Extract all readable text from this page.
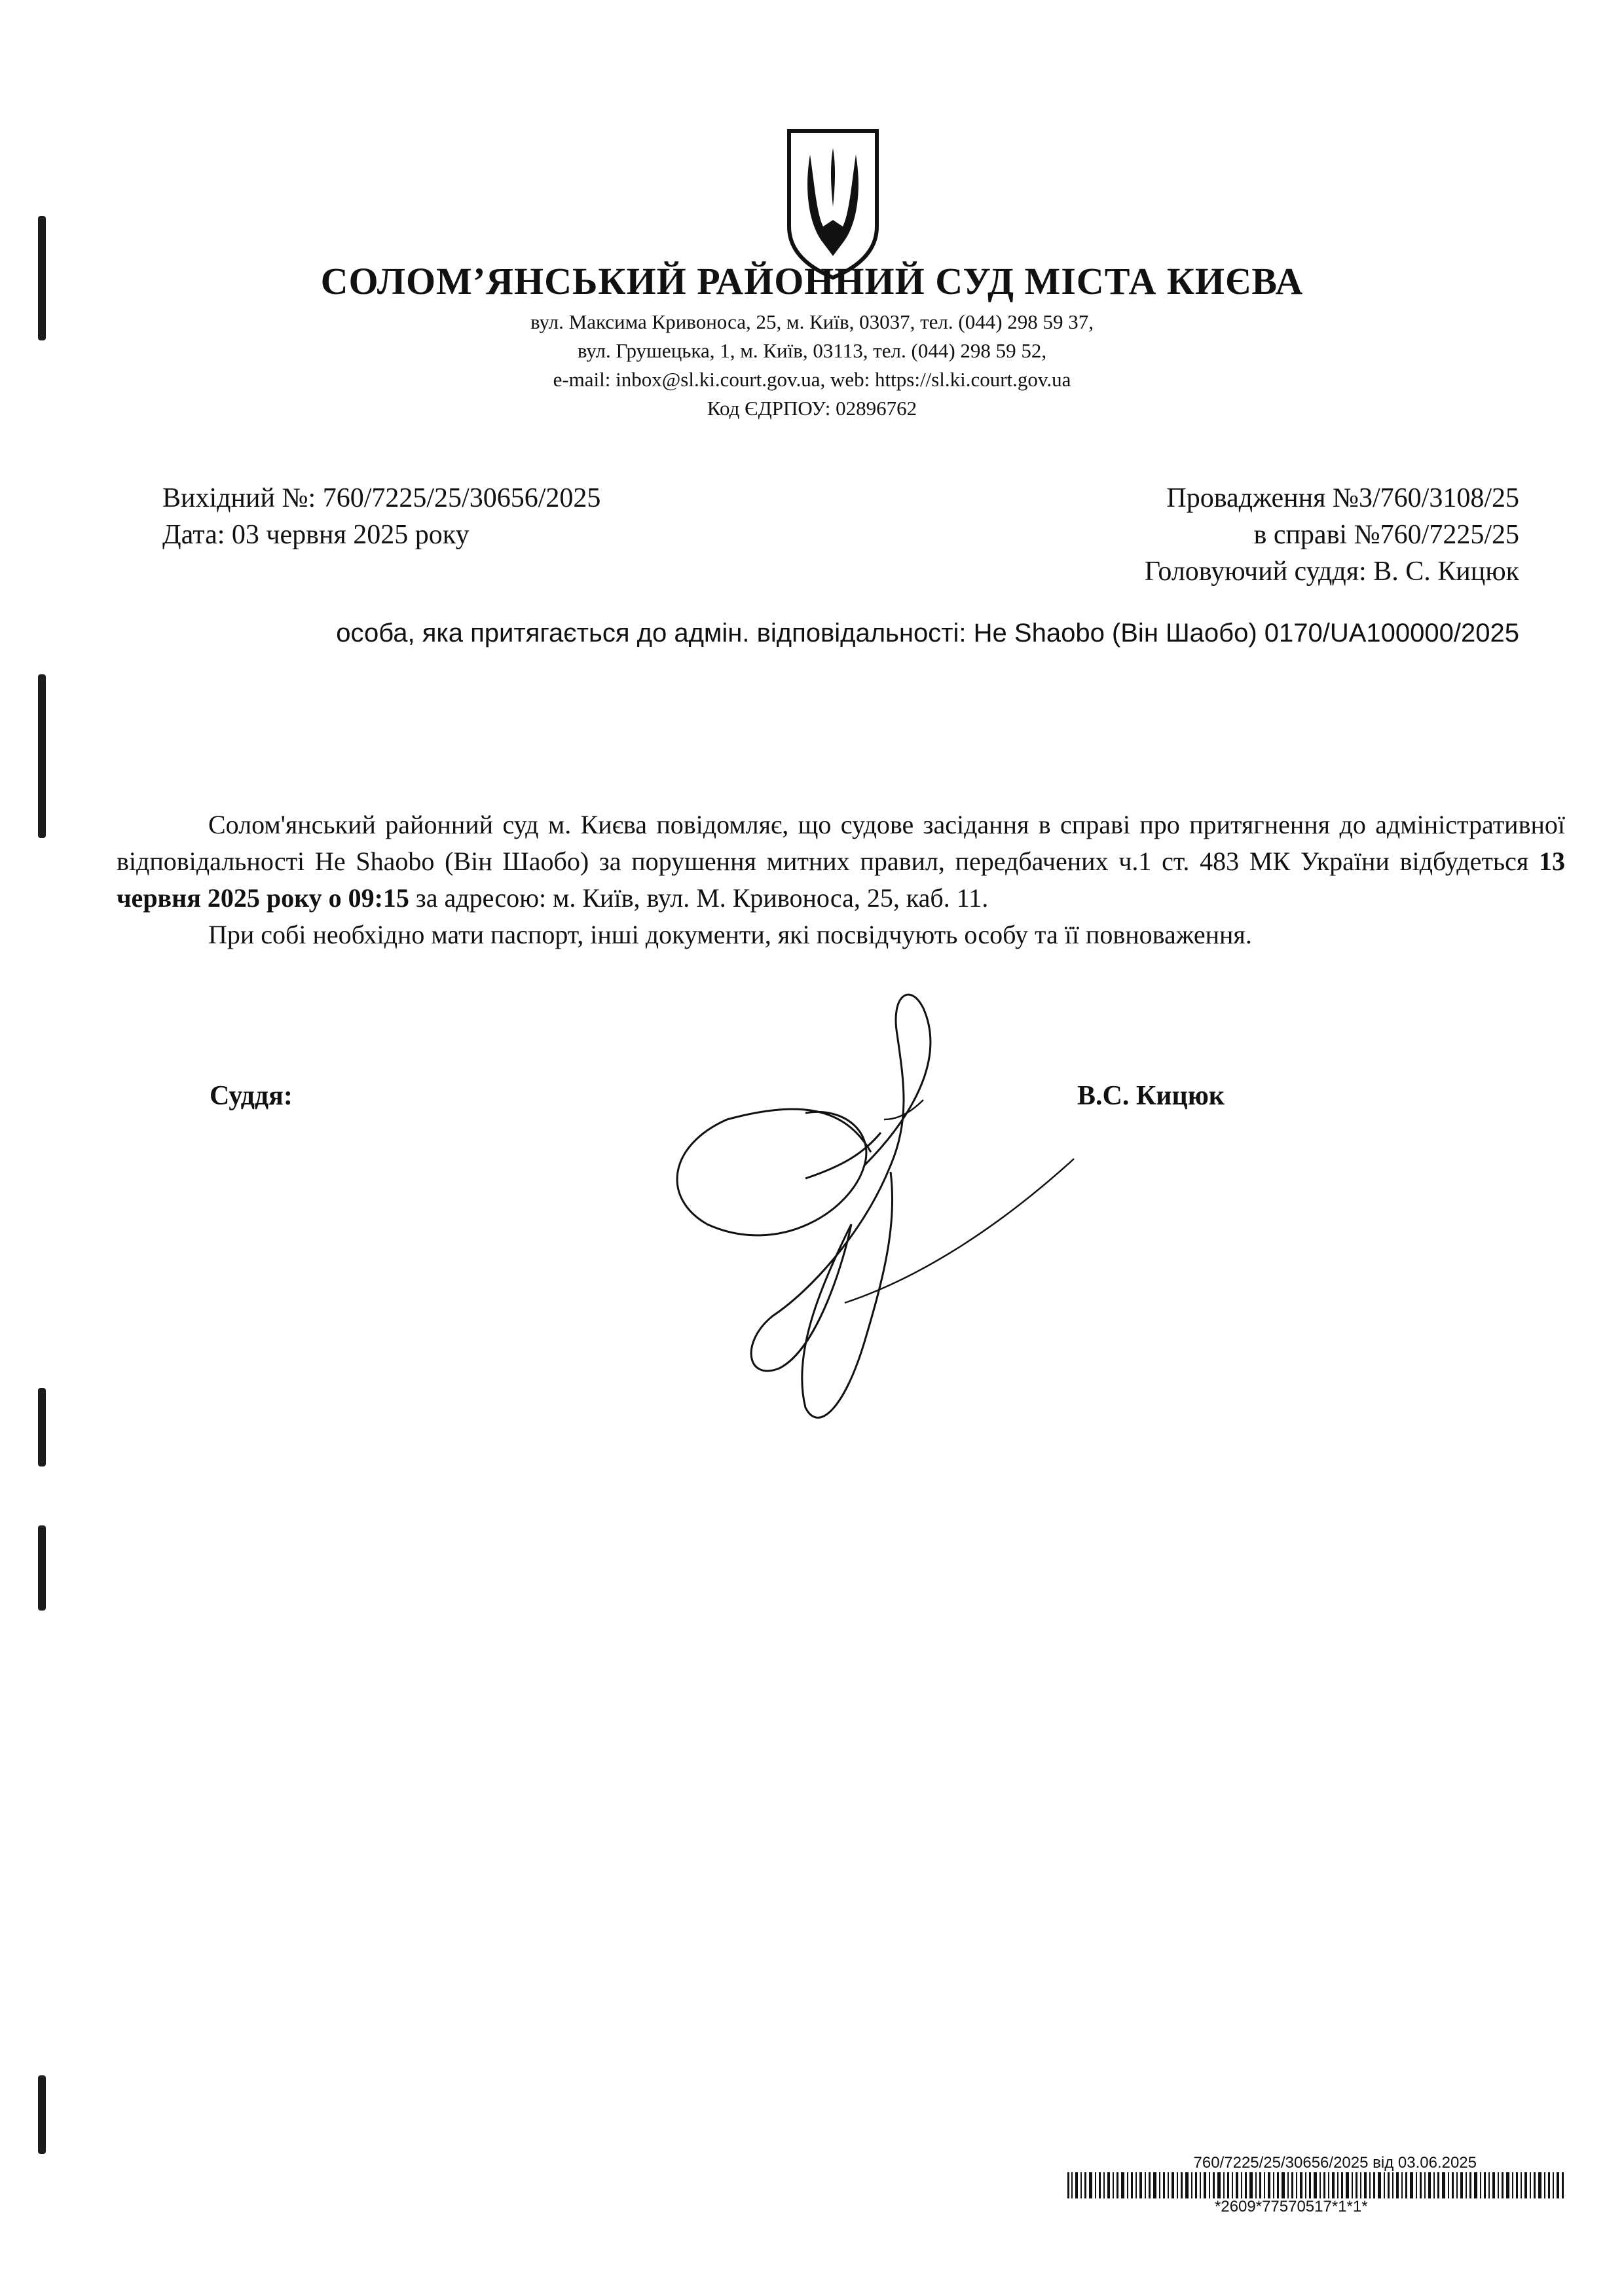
СОЛОМ’ЯНСЬКИЙ РАЙОННИЙ СУД МІСТА КИЄВА
вул. Максима Кривоноса, 25, м. Київ, 03037, тел. (044) 298 59 37,
вул. Грушецька, 1, м. Київ, 03113, тел. (044) 298 59 52,
e-mail: inbox@sl.ki.court.gov.ua, web: https://sl.ki.court.gov.ua
Код ЄДРПОУ: 02896762
Вихідний №: 760/7225/25/30656/2025
Дата: 03 червня 2025 року
Провадження №3/760/3108/25
в справі №760/7225/25
Головуючий суддя: В. С. Кицюк
особа, яка притягається до адмін. відповідальності: He Shaobo (Він Шаобо) 0170/UA100000/2025

Солом'янський районний суд м. Києва повідомляє, що судове засідання в справі про притягнення до адміністративної відповідальності He Shaobo (Він Шаобо) за порушення митних правил, передбачених ч.1 ст. 483 МК України відбудеться 13 червня 2025 року о 09:15 за адресою: м. Київ, вул. М. Кривоноса, 25, каб. 11.

При собі необхідно мати паспорт, інші документи, які посвідчують особу та її повноваження.

Суддя:	В.С. Кицюк
760/7225/25/30656/2025 від 03.06.2025
*2609*77570517*1*1*
